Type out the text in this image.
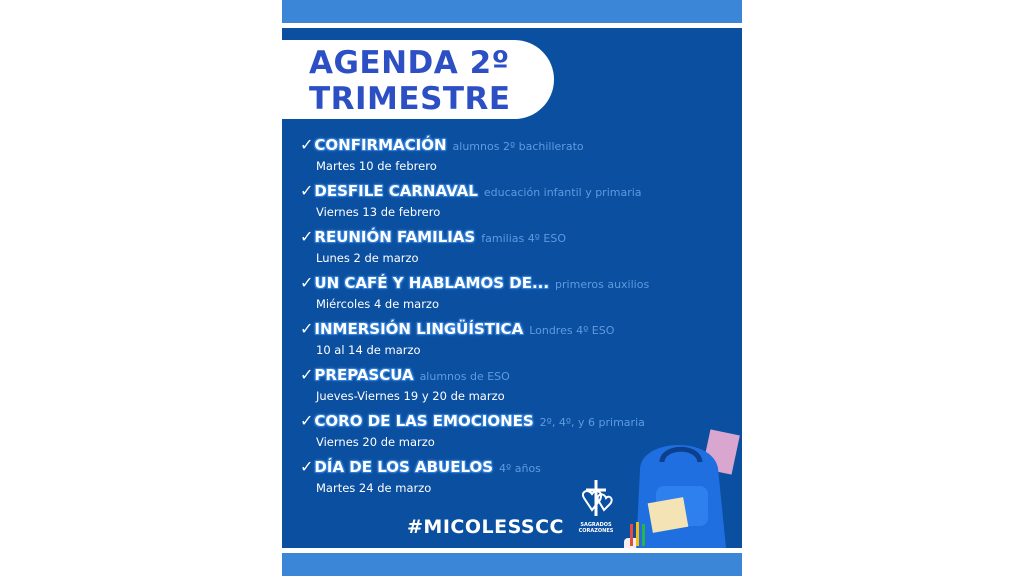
AGENDA 2º
TRIMESTRE
✓CONFIRMACIÓN alumnos 2º bachillerato
Martes 10 de febrero
✓DESFILE CARNAVAL educación infantil y primaria
Viernes 13 de febrero
✓REUNIÓN FAMILIAS familias 4º ESO
Lunes 2 de marzo
✓UN CAFÉ Y HABLAMOS DE... primeros auxilios
Miércoles 4 de marzo
✓INMERSIÓN LINGÜÍSTICA Londres 4º ESO
10 al 14 de marzo
✓PREPASCUA alumnos de ESO
Jueves-Viernes 19 y 20 de marzo
✓CORO DE LAS EMOCIONES 2º, 4º, y 6 primaria
Viernes 20 de marzo
✓DÍA DE LOS ABUELOS 4º años
Martes 24 de marzo
#MICOLESSCC	SAGRADOS
CORAZONES
